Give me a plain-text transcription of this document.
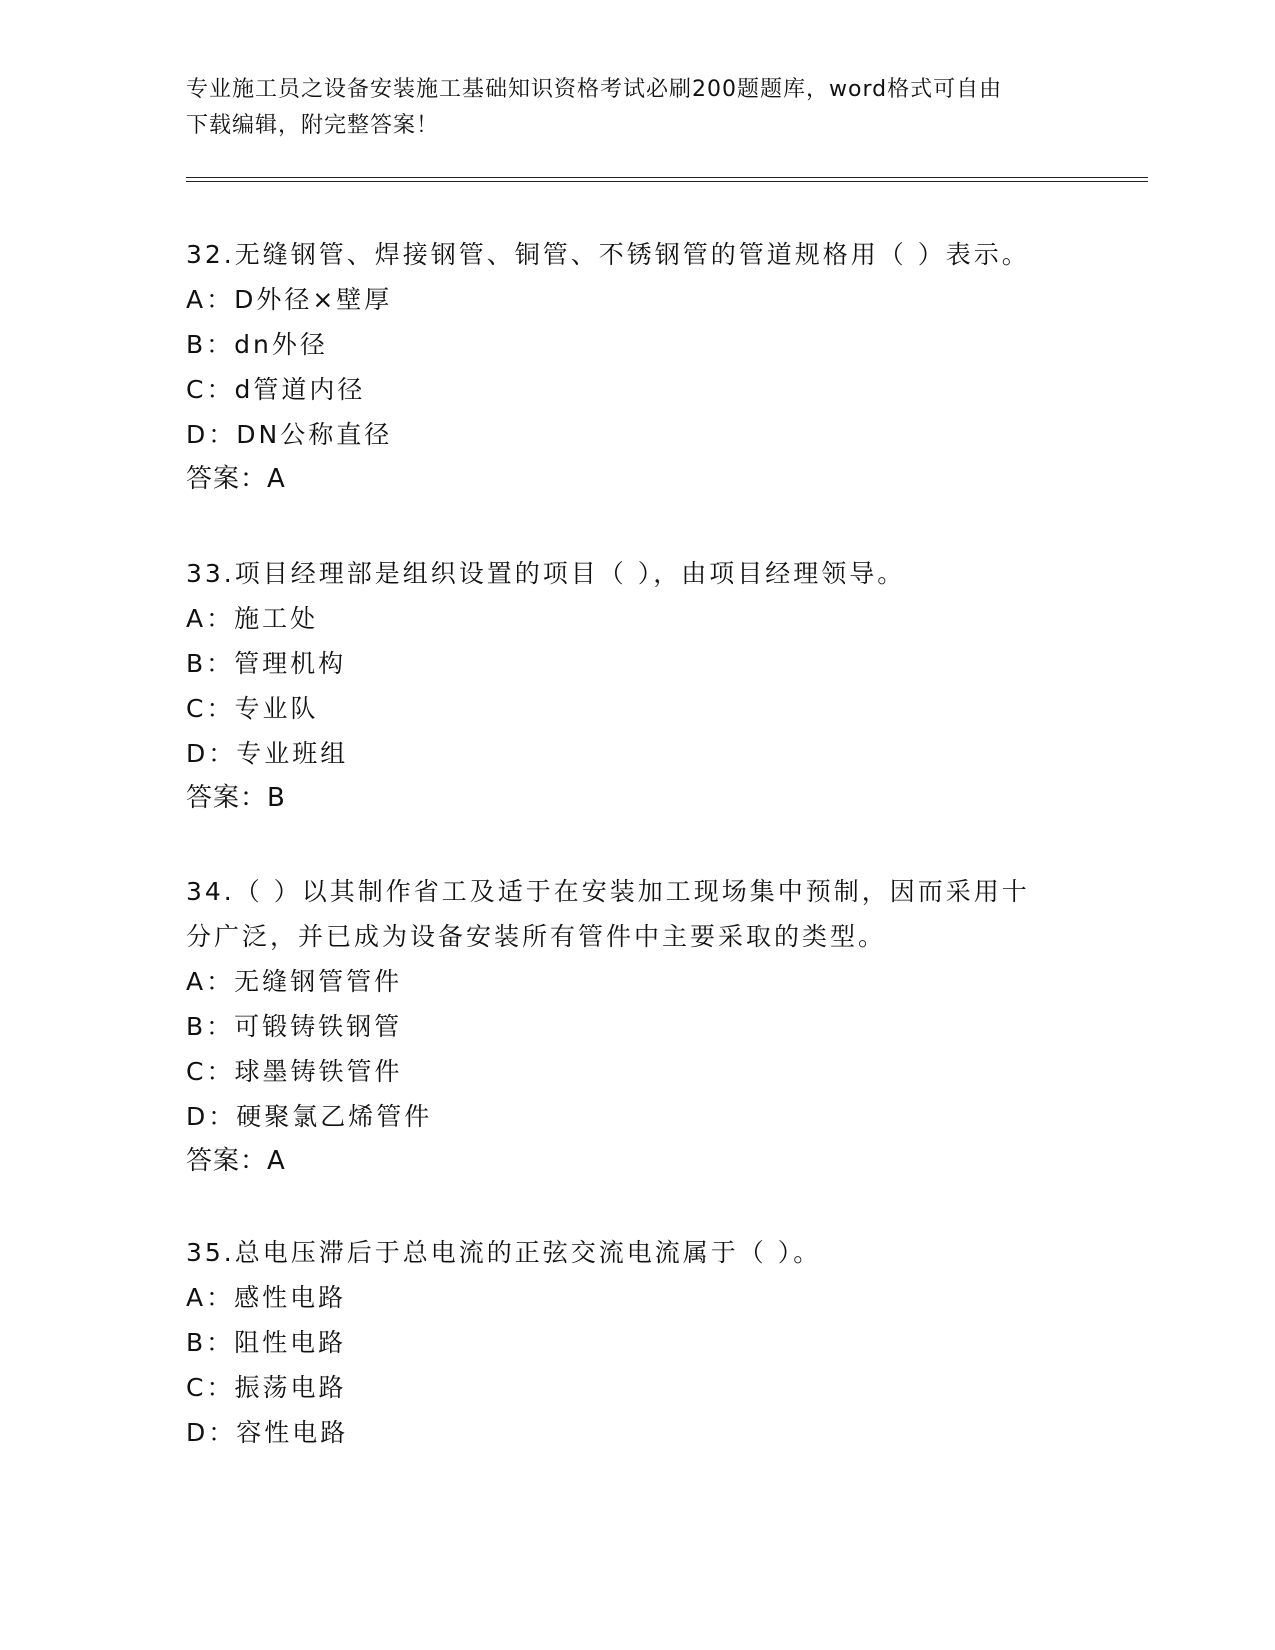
专业施工员之设备安装施工基础知识资格考试必刷200题题库，word格式可自由
下载编辑，附完整答案！
32.无缝钢管、焊接钢管、铜管、不锈钢管的管道规格用（ ）表示。
A：D外径×壁厚
B：dn外径
C：d管道内径
D：DN公称直径
答案：A
33.项目经理部是组织设置的项目（ ），由项目经理领导。
A：施工处
B：管理机构
C：专业队
D：专业班组
答案：B
34.（ ）以其制作省工及适于在安装加工现场集中预制，因而采用十
分广泛，并已成为设备安装所有管件中主要采取的类型。
A：无缝钢管管件
B：可锻铸铁钢管
C：球墨铸铁管件
D：硬聚氯乙烯管件
答案：A
35.总电压滞后于总电流的正弦交流电流属于（ ）。
A：感性电路
B：阻性电路
C：振荡电路
D：容性电路
